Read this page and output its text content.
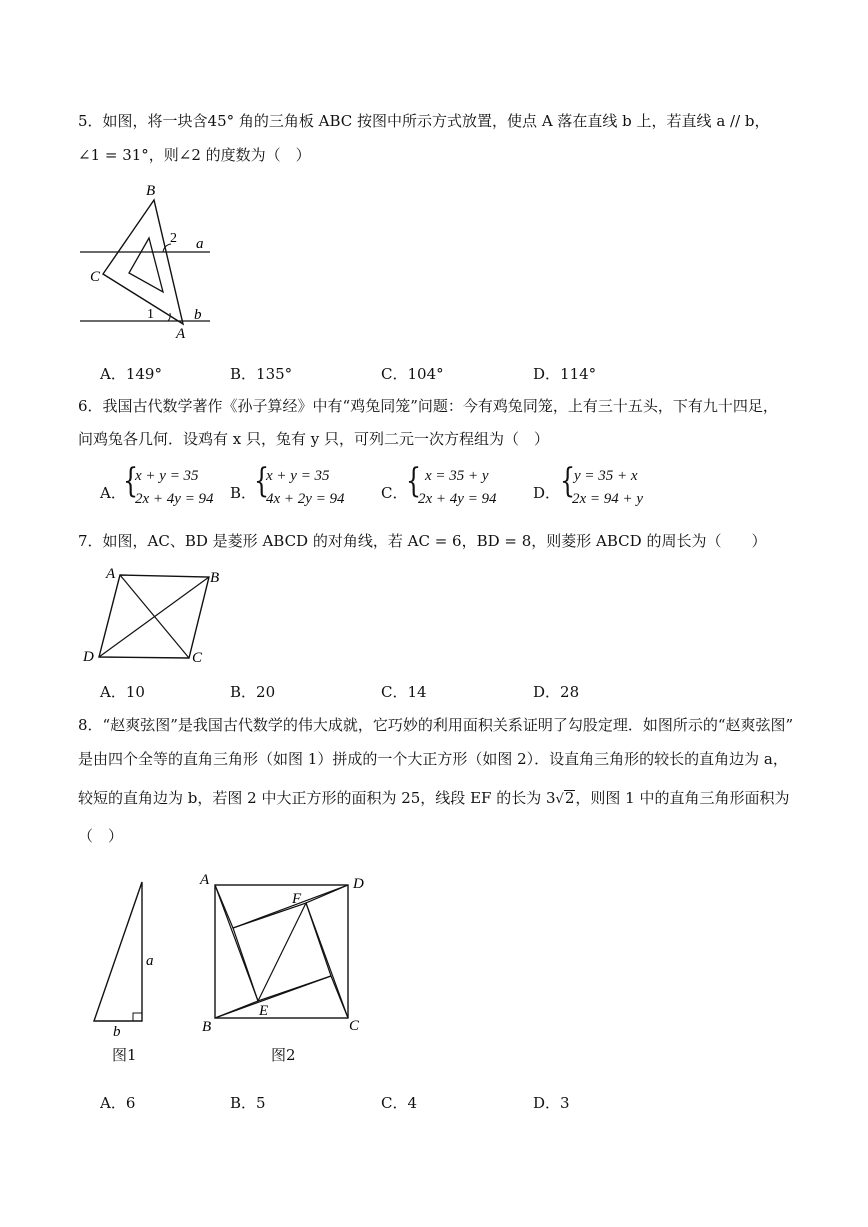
5．如图，将一块含45° 角的三角板 ABC 按图中所示方式放置，使点 A 落在直线 b 上，若直线 a // b，
∠1 = 31°，则∠2 的度数为（　）
B
C
A
a
b
2
1
A．149°	B．135°	C．104°	D．114°
6．我国古代数学著作《孙子算经》中有“鸡兔同笼”问题：今有鸡兔同笼，上有三十五头，下有九十四足，
问鸡兔各几何．设鸡有 x 只，兔有 y 只，可列二元一次方程组为（　）
A．
{
x + y = 35
2x + 4y = 94 B．
{
x + y = 35
4x + 2y = 94 C．
{ x = 35 + y
2x + 4y = 94 D． {
y = 35 + x
2x = 94 + y
7．如图，AC、BD 是菱形 ABCD 的对角线，若 AC = 6，BD = 8，则菱形 ABCD 的周长为（　　）
A	B
C
D
A．10	B．20	C．14	D．28
8．“赵爽弦图”是我国古代数学的伟大成就，它巧妙的利用面积关系证明了勾股定理．如图所示的“赵爽弦图”
是由四个全等的直角三角形（如图 1）拼成的一个大正方形（如图 2）．设直角三角形的较长的直角边为 a，
较短的直角边为 b，若图 2 中大正方形的面积为 25，线段 EF 的长为 3√2，则图 1 中的直角三角形面积为
（　）
a
b
图1
A	D
B	C
F
E
图2
A．6	B．5	C．4	D．3
